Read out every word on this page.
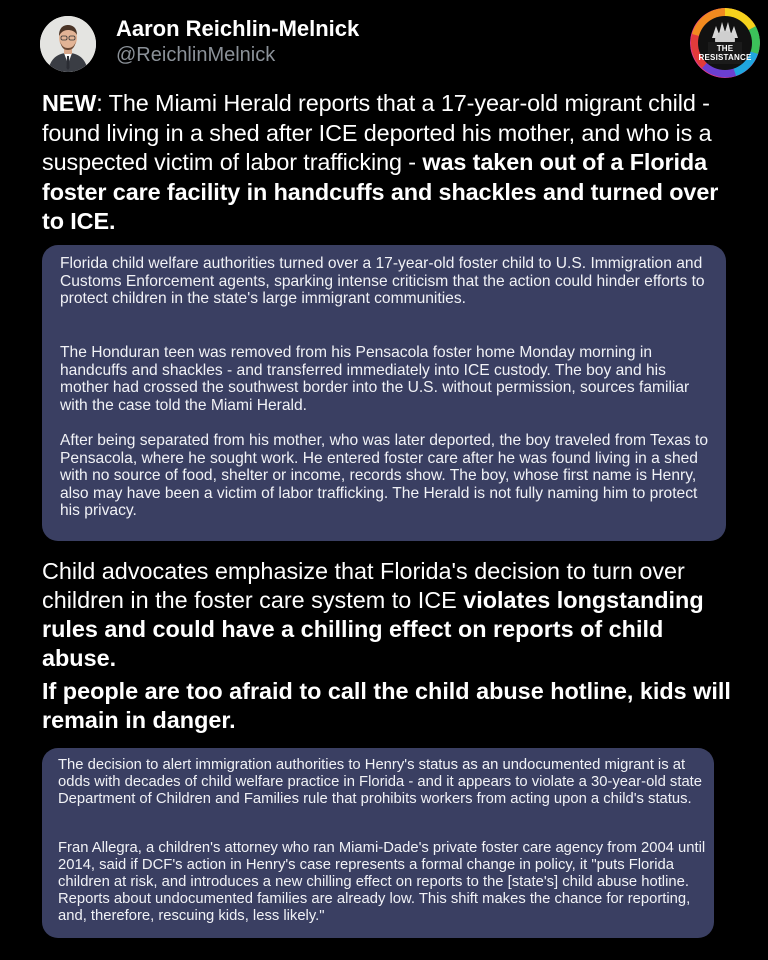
Aaron Reichlin-Melnick
@ReichlinMelnick	THE
RESISTANCE
NEW: The Miami Herald reports that a 17-year-old migrant child - found living in a shed after ICE deported his mother, and who is a suspected victim of labor trafficking - was taken out of a Florida foster care facility in handcuffs and shackles and turned over to ICE.

Florida child welfare authorities turned over a 17-year-old foster child to U.S. Immigration and Customs Enforcement agents, sparking intense criticism that the action could hinder efforts to protect children in the state's large immigrant communities.

The Honduran teen was removed from his Pensacola foster home Monday morning in handcuffs and shackles - and transferred immediately into ICE custody. The boy and his mother had crossed the southwest border into the U.S. without permission, sources familiar with the case told the Miami Herald.

After being separated from his mother, who was later deported, the boy traveled from Texas to Pensacola, where he sought work. He entered foster care after he was found living in a shed with no source of food, shelter or income, records show. The boy, whose first name is Henry, also may have been a victim of labor trafficking. The Herald is not fully naming him to protect his privacy.

Child advocates emphasize that Florida's decision to turn over children in the foster care system to ICE violates longstanding rules and could have a chilling effect on reports of child abuse.
If people are too afraid to call the child abuse hotline, kids will remain in danger.

The decision to alert immigration authorities to Henry's status as an undocumented migrant is at odds with decades of child welfare practice in Florida - and it appears to violate a 30-year-old state Department of Children and Families rule that prohibits workers from acting upon a child's status.

Fran Allegra, a children's attorney who ran Miami-Dade's private foster care agency from 2004 until 2014, said if DCF's action in Henry's case represents a formal change in policy, it "puts Florida children at risk, and introduces a new chilling effect on reports to the [state's] child abuse hotline. Reports about undocumented families are already low. This shift makes the chance for reporting, and, therefore, rescuing kids, less likely."
